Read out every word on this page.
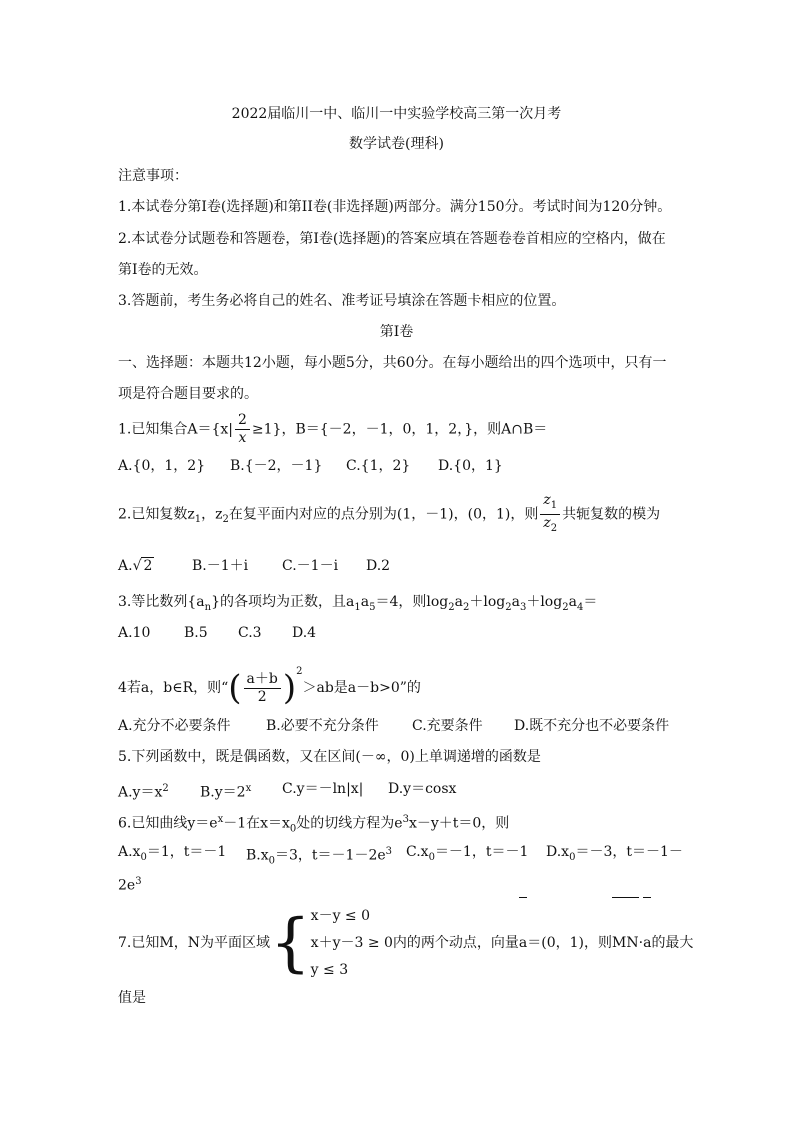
2022届临川一中、临川一中实验学校高三第一次月考
数学试卷(理科)
注意事项：
1.本试卷分第I卷(选择题)和第II卷(非选择题)两部分。满分150分。考试时间为120分钟。
2.本试卷分试题卷和答题卷，第I卷(选择题)的答案应填在答题卷卷首相应的空格内，做在
第I卷的无效。
3.答题前，考生务必将自己的姓名、准考证号填涂在答题卡相应的位置。
第I卷
一、选择题：本题共12小题，每小题5分，共60分。在每小题给出的四个选项中，只有一
项是符合题目要求的。
1.已知集合$A=\{x| \frac{2}{x} \ge 1\}$，B＝{－2，－1，0，1，2，}，则A∩B＝
A.{0，1，2} B.{－2，－1} C.{1，2} D.{0，1}
2.已知复数$z_1$，$z_2$在复平面内对应的点分别为(1，－1)，(0，1)，则 $\frac{z_1}{z_2}$ 共轭复数的模为
A.√ 2	B.－1＋i C.－1－i D.2
3.等比数列$\{a_n\}$的各项均为正数，且$a_1a_5=4$，则$\log_2a_2+\log_2a_3+\log_2a_4=$
A.10 B.5 C.3 D.4
4若a，b∈R，则“( $\frac{a+b}{2} )^2>ab$是a－b>0”的
A.充分不必要条件	B.必要不充分条件 C.充要条件 D.既不充分也不必要条件
5.下列函数中，既是偶函数，又在区间(－∞，0)上单调递增的函数是
$A.y=x^2$ $B.y=2^x$ C.y＝－ln|x| D.y＝cosx
6.已知曲线$y=e^x-1$在$x=x_0$处的切线方程为$e^3x-y+t=0$，则
$A.x_0=1$，t＝－1 $B.x_0=3$，$t=-1-2e^3$ $C.x_0=-1$，t＝－1 $D.x_0=-3$，t＝－1－
$2e^3$
7.已知M，N为平面区域{ x－y ≤ 0
x＋y－3 ≥ 0
y ≤ 3
内的两个动点，向量a＝(0，1)，则MN·a的最大
值是
